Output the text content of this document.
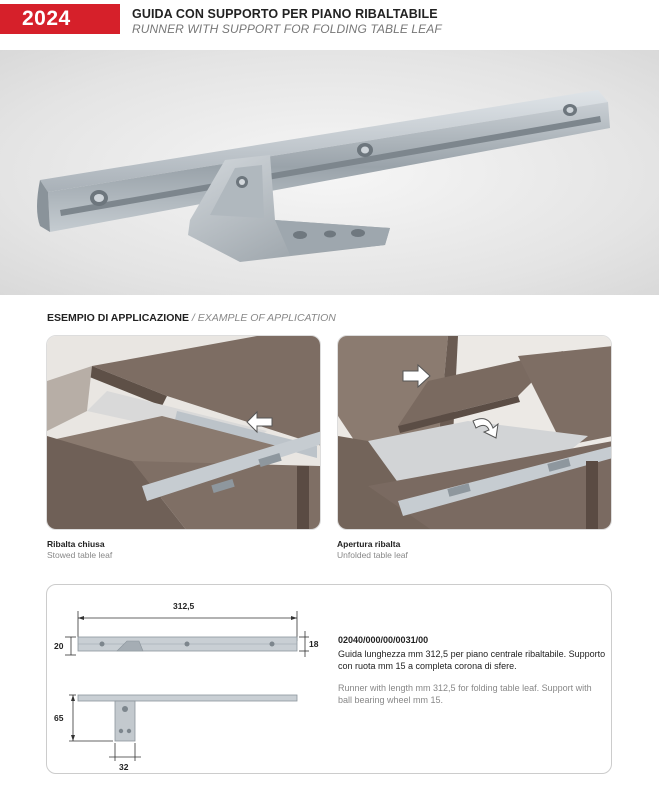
2024	GUIDA CON SUPPORTO PER PIANO RIBALTABILE
RUNNER WITH SUPPORT FOR FOLDING TABLE LEAF
ESEMPIO DI APPLICAZIONE / EXAMPLE OF APPLICATION
Ribalta chiusa
Stowed table leaf
Apertura ribalta
Unfolded table leaf
312,5
20	18
65
32
02040/000/00/0031/00
Guida lunghezza mm 312,5 per piano centrale ribaltabile. Supporto con ruota mm 15 a completa corona di sfere.
Runner with length mm 312,5 for folding table leaf. Support with ball bearing wheel mm 15.
